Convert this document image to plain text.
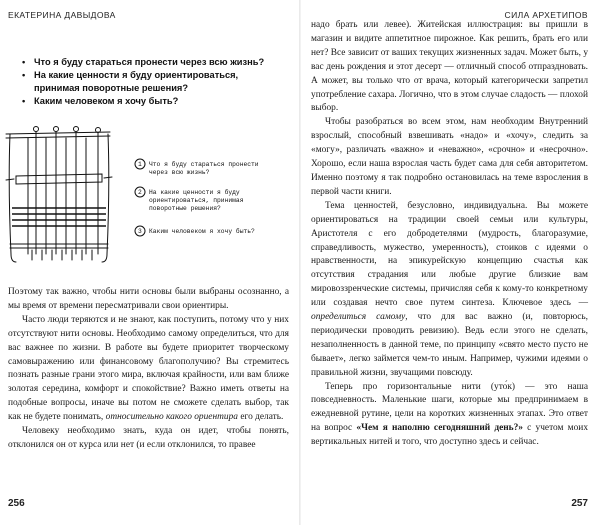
ЕКАТЕРИНА ДАВЫДОВА
• Что я буду стараться пронести через всю жизнь?
• На какие ценности я буду ориентироваться, принимая поворотные решения?
• Каким человеком я хочу быть?
1 Что я буду стараться пронести
через всю жизнь?
2 На какие ценности я буду
ориентироваться, принимая
поворотные решения?
3 Каким человеком я хочу быть?

Поэтому так важно, чтобы нити основы были выбраны осознанно, а мы время от времени пересматривали свои ориентиры.

Часто люди теряются и не знают, как поступить, потому что у них отсутствуют нити основы. Необходимо самому определиться, что для вас важнее по жизни. В работе вы будете приоритет творческому самовыражению или финансовому благополучию? Вы стремитесь познать разные грани этого мира, включая крайности, или вам ближе золотая середина, комфорт и спокойствие? Важно иметь ответы на подобные вопросы, иначе вы потом не сможете сделать выбор, так как не будете понимать, относительно какого ориентира его делать.

Человеку необходимо знать, куда он идет, чтобы понять, отклонился он от курса или нет (и если отклонился, то правее

256
СИЛА АРХЕТИПОВ

надо брать или левее). Житейская иллюстрация: вы пришли в магазин и видите аппетитное пирожное. Как решить, брать его или нет? Все зависит от ваших текущих жизненных задач. Может быть, у вас день рождения и этот десерт — отличный способ отпраздновать. А может, вы только что от врача, который категорически запретил употребление сахара. Логично, что в этом случае сладость — плохой выбор.

Чтобы разобраться во всем этом, нам необходим Внутренний взрослый, способный взвешивать «надо» и «хочу», следить за «могу», различать «важно» и «неважно», «срочно» и «несрочно». Хорошо, если наша взрослая часть будет сама для себя авторитетом. Именно поэтому я так подробно остановилась на теме взросления в первой части книги.

Тема ценностей, безусловно, индивидуальна. Вы можете ориентироваться на традиции своей семьи или культуры, Аристотеля с его добродетелями (мудрость, благоразумие, справедливость, мужество, умеренность), стоиков с идеями о нравственности, на эпикурейскую концепцию счастья как отсутствия страдания или любые другие близкие вам мировоззренческие системы, причисляя себя к кому-то конкретному или создавая нечто свое путем синтеза. Ключевое здесь — определиться самому, что для вас важно (и, повторюсь, периодически проводить ревизию). Ведь если этого не сделать, незаполненность в данной теме, по принципу «свято место пусто не бывает», легко займется чем-то иным. Например, чужими идеями о правильной жизни, звучащими повсюду.

Теперь про горизонтальные нити (уто́к) — это наша повседневность. Маленькие шаги, которые мы предпринимаем в ежедневной рутине, цели на коротких жизненных этапах. Это ответ на вопрос «Чем я наполню сегодняшний день?» с учетом моих вертикальных нитей и того, что доступно здесь и сейчас.

257
